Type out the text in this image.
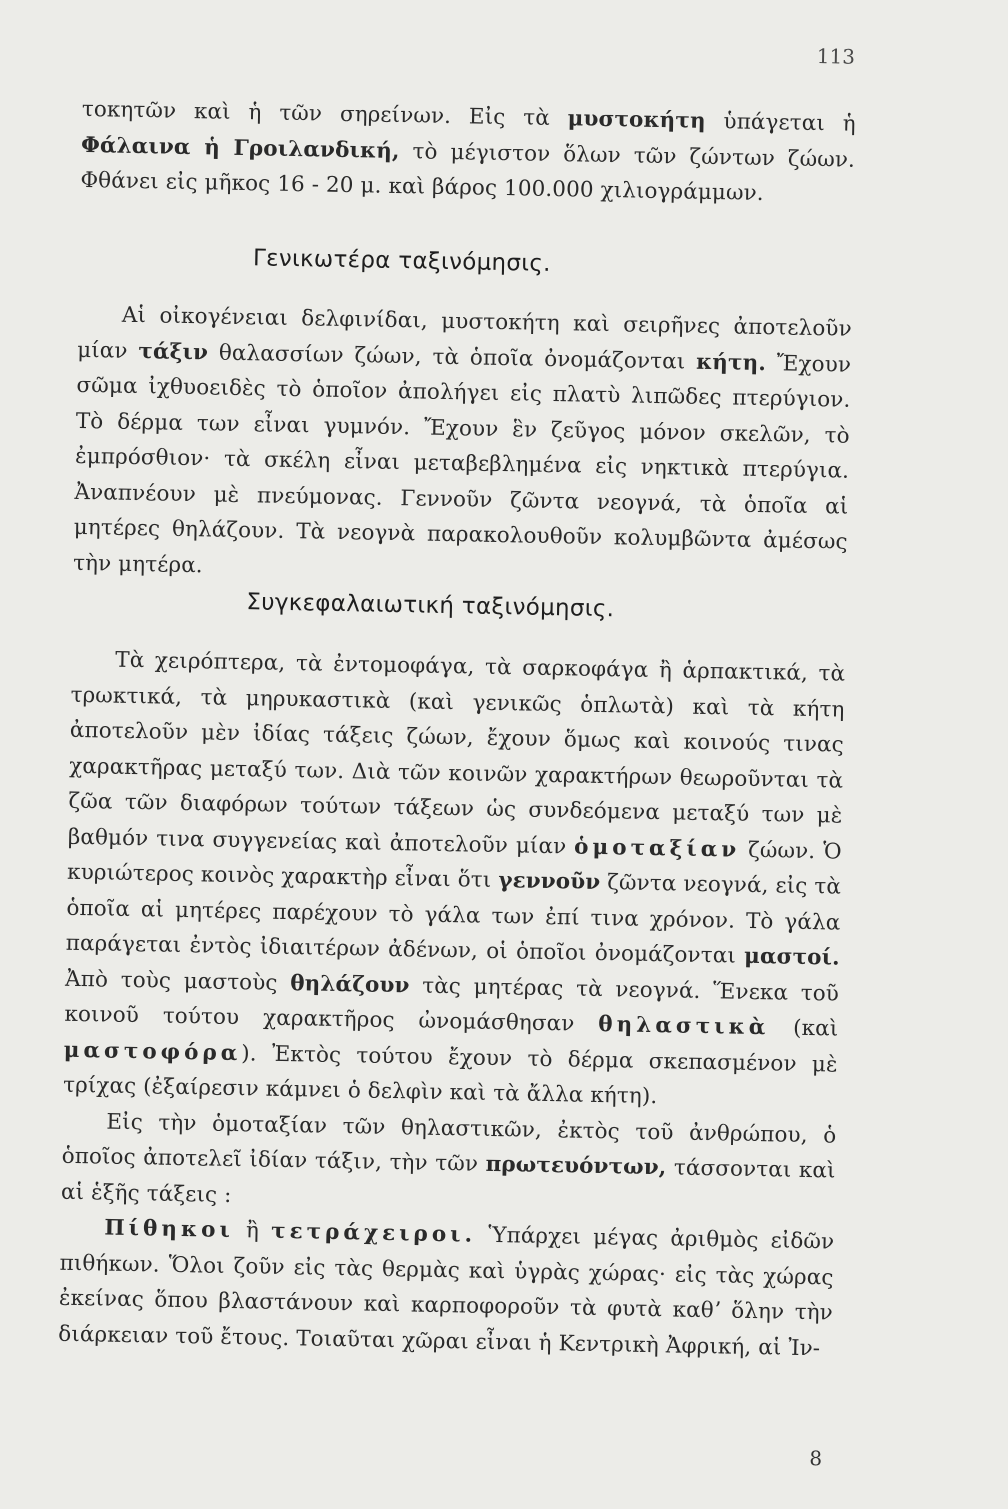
113

τοκητῶν καὶ ἡ τῶν σηρείνων. Εἰς τὰ μυστοκήτη ὑπάγεται ἡ Φάλαινα ἡ Γροιλανδική, τὸ μέγιστον ὅλων τῶν ζώντων ζώων. Φθάνει εἰς μῆκος 16 - 20 μ. καὶ βάρος 100.000 χιλιογράμμων.

Γενικωτέρα ταξινόμησις.

Αἱ οἰκογένειαι δελφινίδαι, μυστοκήτη καὶ σειρῆνες ἀποτελοῦν μίαν τάξιν θαλασσίων ζώων, τὰ ὁποῖα ὀνομάζονται κήτη. Ἔχουν σῶμα ἰχθυοειδὲς τὸ ὁποῖον ἀπολήγει εἰς πλατὺ λιπῶδες πτερύγιον. Τὸ δέρμα των εἶναι γυμνόν. Ἔχουν ἓν ζεῦγος μόνον σκελῶν, τὸ ἐμπρόσθιον· τὰ σκέλη εἶναι μεταβεβλημένα εἰς νηκτικὰ πτερύγια. Ἀναπνέουν μὲ πνεύμονας. Γεννοῦν ζῶντα νεογνά, τὰ ὁποῖα αἱ μητέρες θηλάζουν. Τὰ νεογνὰ παρακολουθοῦν κολυμβῶντα ἀμέσως τὴν μητέρα.

Συγκεφαλαιωτική ταξινόμησις.

Τὰ χειρόπτερα, τὰ ἐντομοφάγα, τὰ σαρκοφάγα ἢ ἁρπακτικά, τὰ τρωκτικά, τὰ μηρυκαστικὰ (καὶ γενικῶς ὁπλωτὰ) καὶ τὰ κήτη ἀποτελοῦν μὲν ἰδίας τάξεις ζώων, ἔχουν ὅμως καὶ κοινούς τινας χαρακτῆρας μεταξύ των. Διὰ τῶν κοινῶν χαρακτήρων θεωροῦνται τὰ ζῶα τῶν διαφόρων τούτων τάξεων ὡς συνδεόμενα μεταξύ των μὲ βαθμόν τινα συγγενείας καὶ ἀποτελοῦν μίαν ὁμοταξίαν ζώων. Ὁ κυριώτερος κοινὸς χαρακτὴρ εἶναι ὅτι γεννοῦν ζῶντα νεογνά, εἰς τὰ ὁποῖα αἱ μητέρες παρέχουν τὸ γάλα των ἐπί τινα χρόνον. Τὸ γάλα παράγεται ἐντὸς ἰδιαιτέρων ἀδένων, οἱ ὁποῖοι ὀνομάζονται μαστοί. Ἀπὸ τοὺς μαστοὺς θηλάζουν τὰς μητέρας τὰ νεογνά. Ἕνεκα τοῦ κοινοῦ τούτου χαρακτῆρος ὠνομάσθησαν θηλαστικὰ (καὶ μαστοφόρα). Ἐκτὸς τούτου ἔχουν τὸ δέρμα σκεπασμένον μὲ τρίχας (ἐξαίρεσιν κάμνει ὁ δελφὶν καὶ τὰ ἄλλα κήτη).

Εἰς τὴν ὁμοταξίαν τῶν θηλαστικῶν, ἐκτὸς τοῦ ἀνθρώπου, ὁ ὁποῖος ἀποτελεῖ ἰδίαν τάξιν, τὴν τῶν πρωτευόντων, τάσσονται καὶ αἱ ἑξῆς τάξεις :

Πίθηκοι ἢ τετράχειροι. Ὑπάρχει μέγας ἀριθμὸς εἰδῶν πιθήκων. Ὅλοι ζοῦν εἰς τὰς θερμὰς καὶ ὑγρὰς χώρας· εἰς τὰς χώρας ἐκείνας ὅπου βλαστάνουν καὶ καρποφοροῦν τὰ φυτὰ καθʼ ὅλην τὴν διάρκειαν τοῦ ἔτους. Τοιαῦται χῶραι εἶναι ἡ Κεντρικὴ Ἀφρική, αἱ Ἰν-

8
